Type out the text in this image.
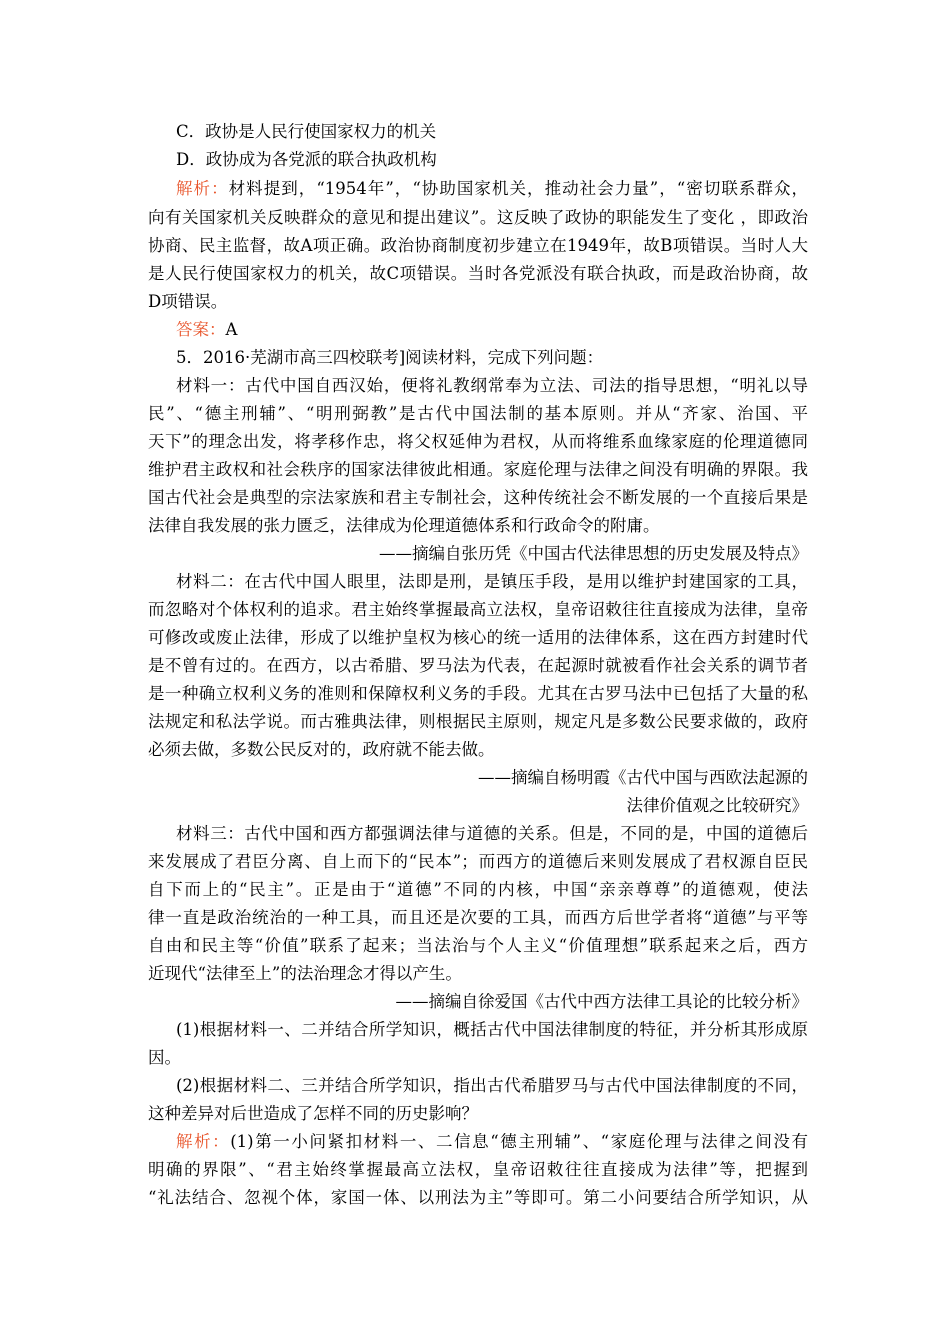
C．政协是人民行使国家权力的机关
D．政协成为各党派的联合执政机构
解析：材料提到，“1954年”，“协助国家机关，推动社会力量”，“密切联系群众，
向有关国家机关反映群众的意见和提出建议”。这反映了政协的职能发生了变化 ，即政治
协商、民主监督，故A项正确。政治协商制度初步建立在1949年，故B项错误。当时人大
是人民行使国家权力的机关，故C项错误。当时各党派没有联合执政，而是政治协商，故
D项错误。
答案：A
5．2016·芜湖市高三四校联考]阅读材料，完成下列问题：
材料一：古代中国自西汉始，便将礼教纲常奉为立法、司法的指导思想，“明礼以导
民”、“德主刑辅”、“明刑弼教”是古代中国法制的基本原则。并从“齐家、治国、平
天下”的理念出发，将孝移作忠，将父权延伸为君权，从而将维系血缘家庭的伦理道德同
维护君主政权和社会秩序的国家法律彼此相通。家庭伦理与法律之间没有明确的界限。我
国古代社会是典型的宗法家族和君主专制社会，这种传统社会不断发展的一个直接后果是
法律自我发展的张力匮乏，法律成为伦理道德体系和行政命令的附庸。
——摘编自张历凭《中国古代法律思想的历史发展及特点》
材料二：在古代中国人眼里，法即是刑，是镇压手段，是用以维护封建国家的工具，
而忽略对个体权利的追求。君主始终掌握最高立法权，皇帝诏敕往往直接成为法律，皇帝
可修改或废止法律，形成了以维护皇权为核心的统一适用的法律体系，这在西方封建时代
是不曾有过的。在西方，以古希腊、罗马法为代表，在起源时就被看作社会关系的调节者
是一种确立权利义务的准则和保障权利义务的手段。尤其在古罗马法中已包括了大量的私
法规定和私法学说。而古雅典法律，则根据民主原则，规定凡是多数公民要求做的，政府
必须去做，多数公民反对的，政府就不能去做。
——摘编自杨明霞《古代中国与西欧法起源的
法律价值观之比较研究》
材料三：古代中国和西方都强调法律与道德的关系。但是，不同的是，中国的道德后
来发展成了君臣分离、自上而下的“民本”；而西方的道德后来则发展成了君权源自臣民
自下而上的“民主”。正是由于“道德”不同的内核，中国“亲亲尊尊”的道德观，使法
律一直是政治统治的一种工具，而且还是次要的工具，而西方后世学者将“道德”与平等
自由和民主等“价值”联系了起来；当法治与个人主义“价值理想”联系起来之后，西方
近现代“法律至上”的法治理念才得以产生。
——摘编自徐爱国《古代中西方法律工具论的比较分析》
(1)根据材料一、二并结合所学知识，概括古代中国法律制度的特征，并分析其形成原
因。
(2)根据材料二、三并结合所学知识，指出古代希腊罗马与古代中国法律制度的不同，
这种差异对后世造成了怎样不同的历史影响？
解析：(1)第一小问紧扣材料一、二信息“德主刑辅”、“家庭伦理与法律之间没有
明确的界限”、“君主始终掌握最高立法权，皇帝诏敕往往直接成为法律”等，把握到
“礼法结合、忽视个体，家国一体、以刑法为主”等即可。第二小问要结合所学知识，从
